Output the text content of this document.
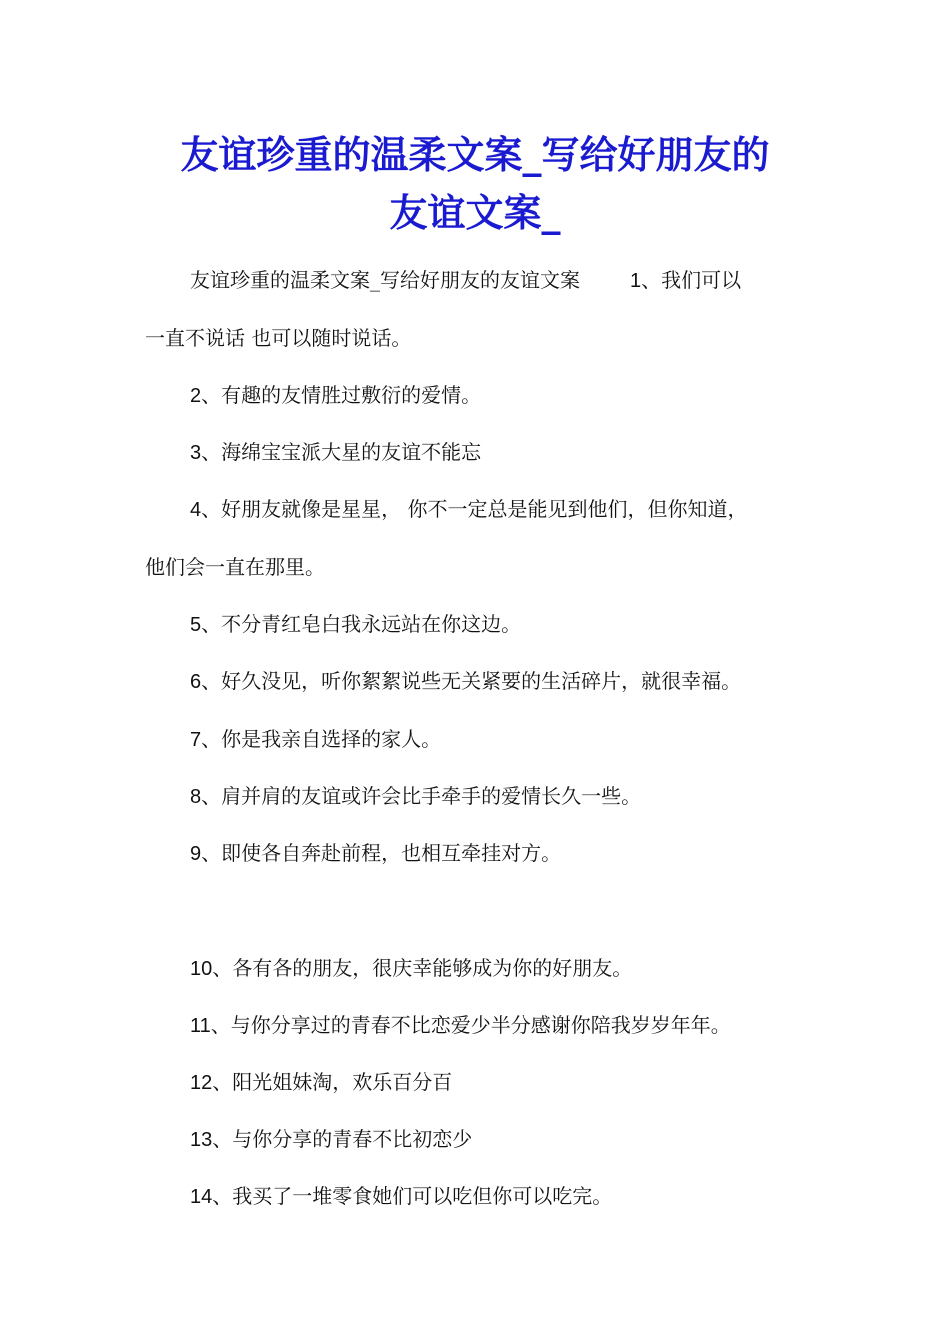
友谊珍重的温柔文案_写给好朋友的
友谊文案_
友谊珍重的温柔文案_写给好朋友的友谊文案	1、我们可以
一直不说话 也可以随时说话。
2、有趣的友情胜过敷衍的爱情。
3、海绵宝宝派大星的友谊不能忘
4、好朋友就像是星星， 你不一定总是能见到他们，但你知道，
他们会一直在那里。
5、不分青红皂白我永远站在你这边。
6、好久没见，听你絮絮说些无关紧要的生活碎片，就很幸福。
7、你是我亲自选择的家人。
8、肩并肩的友谊或许会比手牵手的爱情长久一些。
9、即使各自奔赴前程，也相互牵挂对方。
10、各有各的朋友，很庆幸能够成为你的好朋友。
11、与你分享过的青春不比恋爱少半分感谢你陪我岁岁年年。
12、阳光姐妹淘，欢乐百分百
13、与你分享的青春不比初恋少
14、我买了一堆零食她们可以吃但你可以吃完。
